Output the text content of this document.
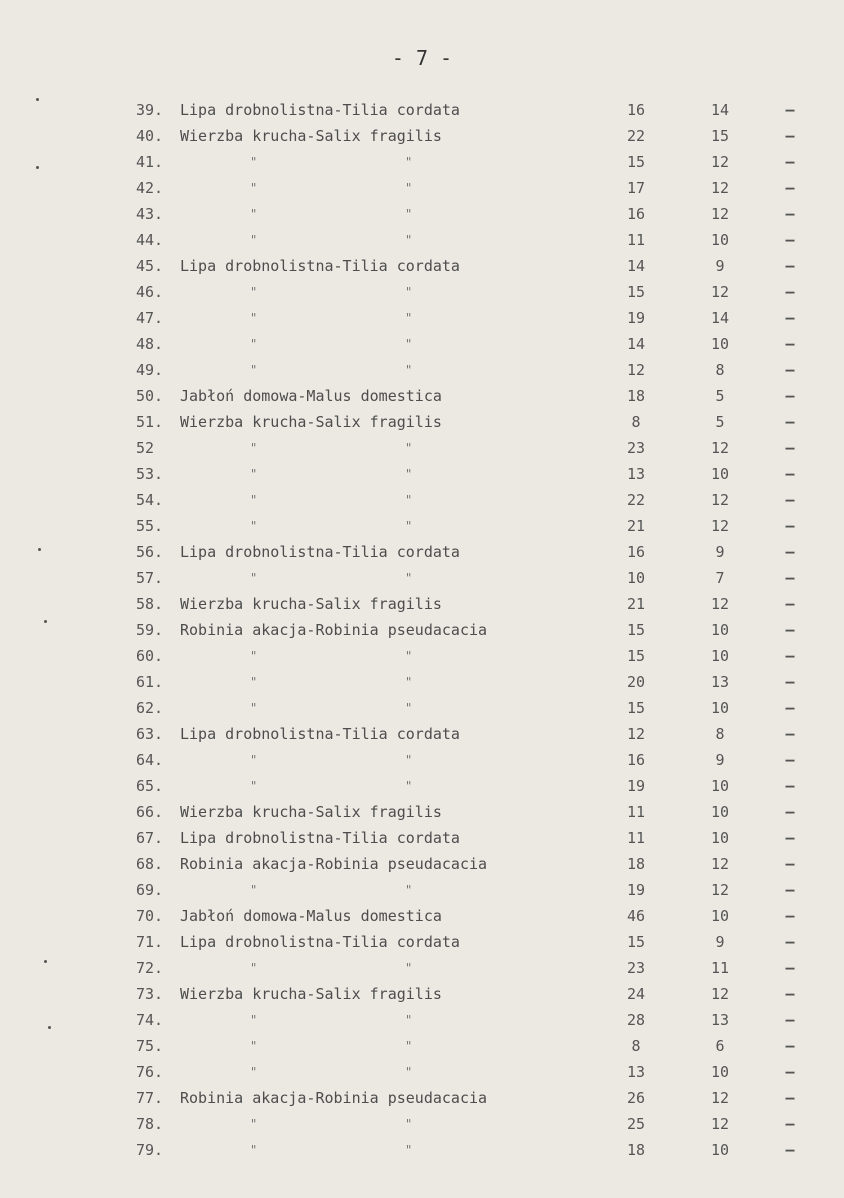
- 7 -
39.	Lipa drobnolistna-Tilia cordata	16	14	–
40.	Wierzba krucha-Salix fragilis	22	15	–
41.	"	"	15	12	–
42.	"	"	17	12	–
43.	"	"	16	12	–
44.	"	"	11	10	–
45.	Lipa drobnolistna-Tilia cordata	14	9	–
46.	"	"	15	12	–
47.	"	"	19	14	–
48.	"	"	14	10	–
49.	"	"	12	8	–
50.	Jabłoń domowa-Malus domestica	18	5	–
51.	Wierzba krucha-Salix fragilis	8	5	–
52	"	"	23	12	–
53.	"	"	13	10	–
54.	"	"	22	12	–
55.	"	"	21	12	–
56.	Lipa drobnolistna-Tilia cordata	16	9	–
57.	"	"	10	7	–
58.	Wierzba krucha-Salix fragilis	21	12	–
59.	Robinia akacja-Robinia pseudacacia	15	10	–
60.	"	"	15	10	–
61.	"	"	20	13	–
62.	"	"	15	10	–
63.	Lipa drobnolistna-Tilia cordata	12	8	–
64.	"	"	16	9	–
65.	"	"	19	10	–
66.	Wierzba krucha-Salix fragilis	11	10	–
67.	Lipa drobnolistna-Tilia cordata	11	10	–
68.	Robinia akacja-Robinia pseudacacia	18	12	–
69.	"	"	19	12	–
70.	Jabłoń domowa-Malus domestica	46	10	–
71.	Lipa drobnolistna-Tilia cordata	15	9	–
72.	"	"	23	11	–
73.	Wierzba krucha-Salix fragilis	24	12	–
74.	"	"	28	13	–
75.	"	"	8	6	–
76.	"	"	13	10	–
77.	Robinia akacja-Robinia pseudacacia	26	12	–
78.	"	"	25	12	–
79.	"	"	18	10	–
